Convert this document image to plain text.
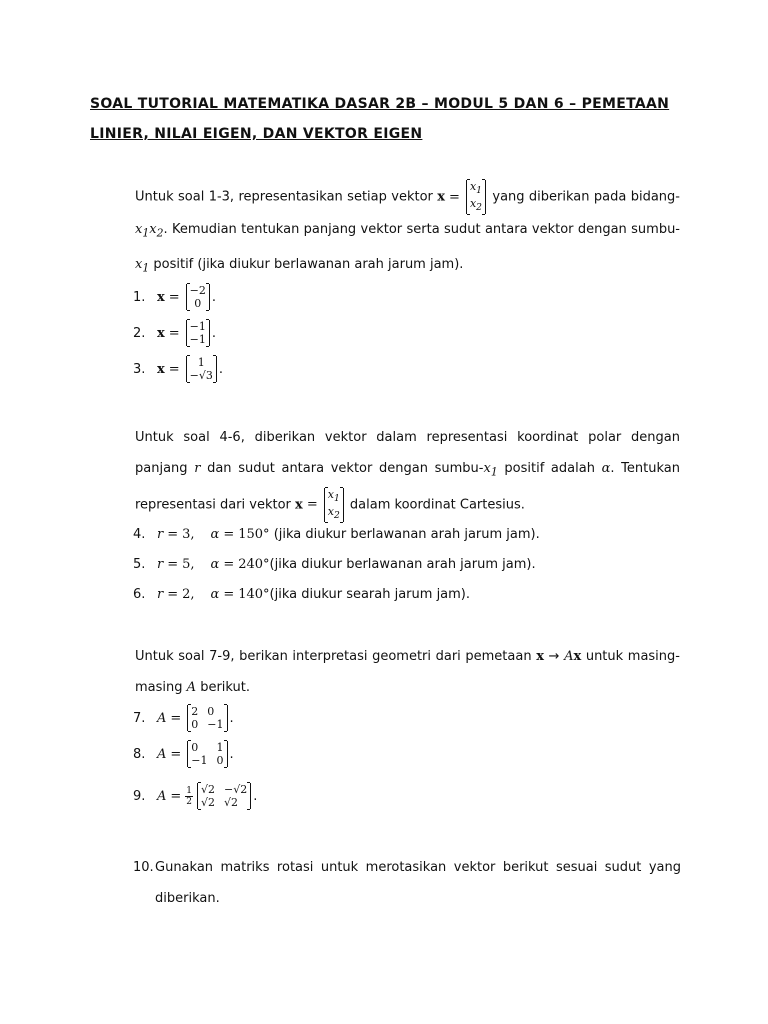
SOAL TUTORIAL MATEMATIKA DASAR 2B – MODUL 5 DAN 6 – PEMETAAN
LINIER, NILAI EIGEN, DAN VEKTOR EIGEN
Untuk soal 1-3, representasikan setiap vektor x =
$x_1$
$x_2$
yang diberikan pada bidang- $x_1x_2$. Kemudian tentukan panjang vektor serta sudut antara vektor dengan sumbu-$x_1$ positif (jika diukur berlawanan arah jarum jam).
1. x = −2
0 .
2. x = −1
−1 .
3. x = 1
−√3 .
Untuk soal 4-6, diberikan vektor dalam representasi koordinat polar dengan panjang r dan sudut antara vektor dengan sumbu-$x_1$ positif adalah α. Tentukan representasi dari vektor x =
$x_1$
$x_2$
dalam koordinat Cartesius.
4. r = 3, α = 150°
(jika diukur berlawanan arah jarum jam).
5. r = 5, α = 240° (jika diukur berlawanan arah jarum jam).
6. r = 2, α = 140° (jika diukur searah jarum jam).
Untuk soal 7-9, berikan interpretasi geometri dari pemetaan x → Ax untuk masing- masing A berikut.
7. A = 2 0
0 −1 .
8. A = 0	1
−1 0 .
9. $A = \frac{1}{2} √2 -√2$
√2 √2	.
10. Gunakan matriks rotasi untuk merotasikan vektor berikut sesuai sudut yang
diberikan.
